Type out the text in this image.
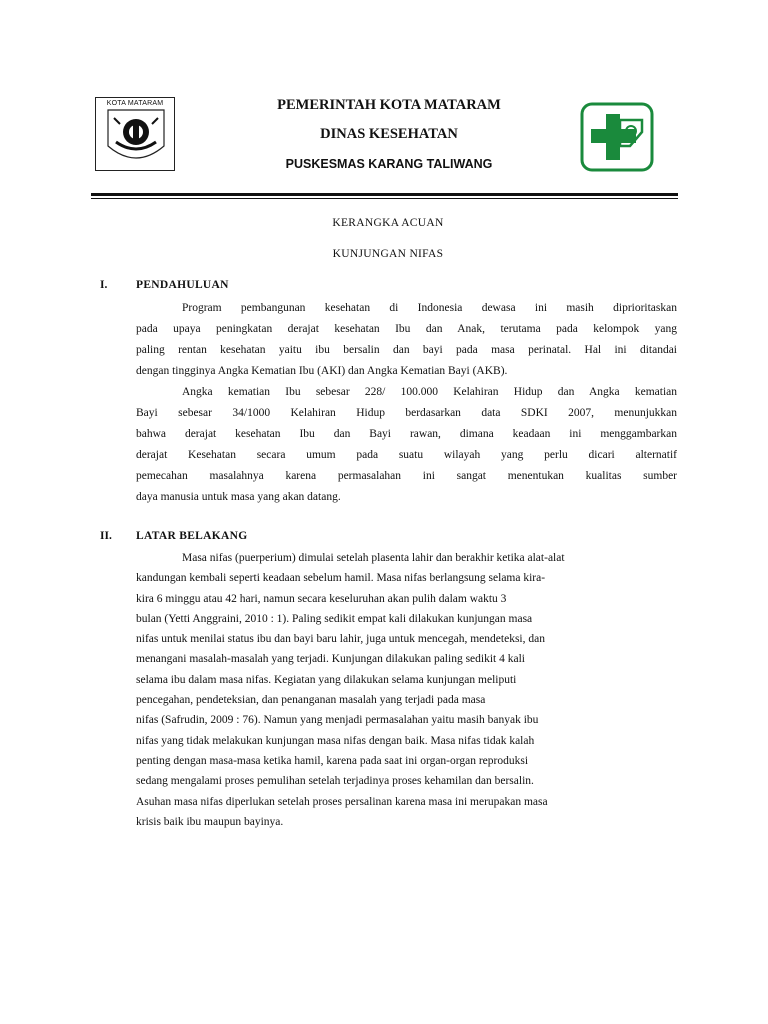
KOTA MATARAM	PEMERINTAH KOTA MATARAM
DINAS KESEHATAN
PUSKESMAS KARANG TALIWANG
KERANGKA ACUAN
KUNJUNGAN NIFAS
I. PENDAHULUAN
Program pembangunan kesehatan di Indonesia dewasa ini masih diprioritaskan
pada upaya peningkatan derajat kesehatan Ibu dan Anak, terutama pada kelompok yang
paling rentan kesehatan yaitu ibu bersalin dan bayi pada masa perinatal. Hal ini ditandai
dengan tingginya Angka Kematian Ibu (AKI) dan Angka Kematian Bayi (AKB).
Angka kematian Ibu sebesar 228/ 100.000 Kelahiran Hidup dan Angka kematian
Bayi sebesar 34/1000 Kelahiran Hidup berdasarkan data SDKI 2007, menunjukkan
bahwa derajat kesehatan Ibu dan Bayi rawan, dimana keadaan ini menggambarkan
derajat Kesehatan secara umum pada suatu wilayah yang perlu dicari alternatif
pemecahan masalahnya karena permasalahan ini sangat menentukan kualitas sumber
daya manusia untuk masa yang akan datang.
II. LATAR BELAKANG
Masa nifas (puerperium) dimulai setelah plasenta lahir dan berakhir ketika alat-alat
kandungan kembali seperti keadaan sebelum hamil. Masa nifas berlangsung selama kira-
kira 6 minggu atau 42 hari, namun secara keseluruhan akan pulih dalam waktu 3
bulan (Yetti Anggraini, 2010 : 1). Paling sedikit empat kali dilakukan kunjungan masa
nifas untuk menilai status ibu dan bayi baru lahir, juga untuk mencegah, mendeteksi, dan
menangani masalah-masalah yang terjadi. Kunjungan dilakukan paling sedikit 4 kali
selama ibu dalam masa nifas. Kegiatan yang dilakukan selama kunjungan meliputi
pencegahan, pendeteksian, dan penanganan masalah yang terjadi pada masa
nifas (Safrudin, 2009 : 76). Namun yang menjadi permasalahan yaitu masih banyak ibu
nifas yang tidak melakukan kunjungan masa nifas dengan baik. Masa nifas tidak kalah
penting dengan masa-masa ketika hamil, karena pada saat ini organ-organ reproduksi
sedang mengalami proses pemulihan setelah terjadinya proses kehamilan dan bersalin.
Asuhan masa nifas diperlukan setelah proses persalinan karena masa ini merupakan masa
krisis baik ibu maupun bayinya.
